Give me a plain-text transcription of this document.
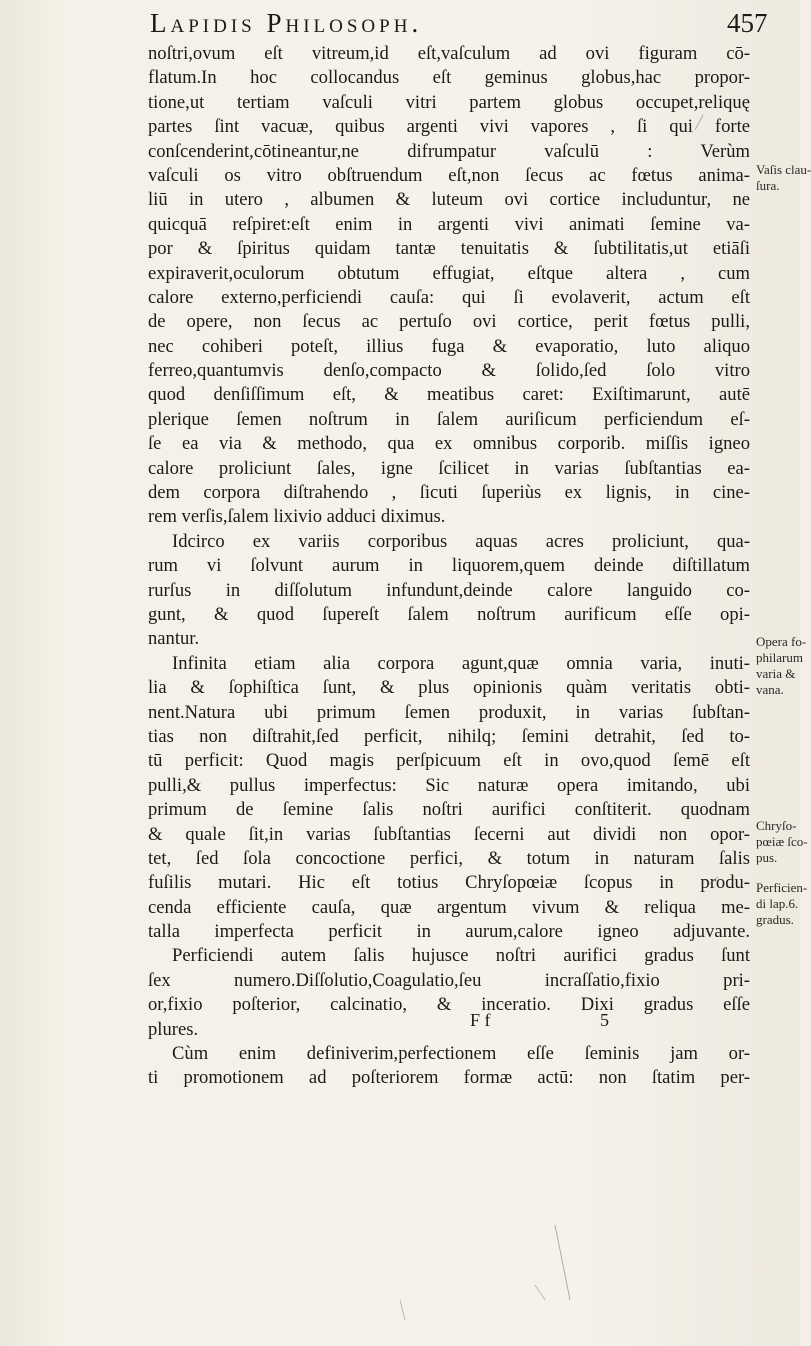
Lapidis Philosoph.	457
noſtri,ovum eſt vitreum,id eſt,vaſculum ad ovi figuram cō-
flatum.In hoc collocandus eſt geminus globus,hac propor-
tione,ut tertiam vaſculi vitri partem globus occupet,reliquę
partes ſint vacuæ, quibus argenti vivi vapores , ſi qui forte
conſcenderint,cōtineantur,ne difrumpatur vaſculū : Verùm
vaſculi os vitro obſtruendum eſt,non ſecus ac fœtus anima-
liū in utero , albumen & luteum ovi cortice includuntur, ne
quicquā reſpiret:eſt enim in argenti vivi animati ſemine va-
por & ſpiritus quidam tantæ tenuitatis & ſubtilitatis,ut etiāſi
expiraverit,oculorum obtutum effugiat, eſtque altera , cum
calore externo,perficiendi cauſa: qui ſi evolaverit, actum eſt
de opere, non ſecus ac pertuſo ovi cortice, perit fœtus pulli,
nec cohiberi poteſt, illius fuga & evaporatio, luto aliquo
ferreo,quantumvis denſo,compacto & ſolido,ſed ſolo vitro
quod denſiſſimum eſt, & meatibus caret: Exiſtimarunt, autē
plerique ſemen noſtrum in ſalem auriſicum perficiendum eſ-
ſe ea via & methodo, qua ex omnibus corporib. miſſis igneo
calore proliciunt ſales, igne ſcilicet in varias ſubſtantias ea-
dem corpora diſtrahendo , ſicuti ſuperiùs ex lignis, in cine-
rem verſis,ſalem lixivio adduci diximus.
Idcirco ex variis corporibus aquas acres proliciunt, qua-
rum vi ſolvunt aurum in liquorem,quem deinde diſtillatum
rurſus in diſſolutum infundunt,deinde calore languido co-
gunt, & quod ſupereſt ſalem noſtrum aurificum eſſe opi-
nantur.
Infinita etiam alia corpora agunt,quæ omnia varia, inuti-
lia & ſophiſtica ſunt, & plus opinionis quàm veritatis obti-
nent.Natura ubi primum ſemen produxit, in varias ſubſtan-
tias non diſtrahit,ſed perficit, nihilq; ſemini detrahit, ſed to-
tū perficit: Quod magis perſpicuum eſt in ovo,quod ſemē eſt
pulli,& pullus imperfectus: Sic naturæ opera imitando, ubi
primum de ſemine ſalis noſtri aurifici conſtiterit. quodnam
& quale ſit,in varias ſubſtantias ſecerni aut dividi non opor-
tet, ſed ſola concoctione perfici, & totum in naturam ſalis
fuſilis mutari. Hic eſt totius Chryſopœiæ ſcopus in produ-
cenda efficiente cauſa, quæ argentum vivum & reliqua me-
talla imperfecta perficit in aurum,calore igneo adjuvante.
Perficiendi autem ſalis hujusce noſtri aurifici gradus ſunt
ſex numero.Diſſolutio,Coagulatio,ſeu incraſſatio,fixio pri-
or,fixio poſterior, calcinatio, & inceratio. Dixi gradus eſſe
plures.
Cùm enim definiverim,perfectionem eſſe ſeminis jam or-
ti promotionem ad poſteriorem formæ actū: non ſtatim per-
F f	5
Vaſis clau-
ſura.
Opera fo-
philarum
varia &
vana.
Chryſo-
pœiæ ſco-
pus.
Perficien-
di lap.6.
gradus.
